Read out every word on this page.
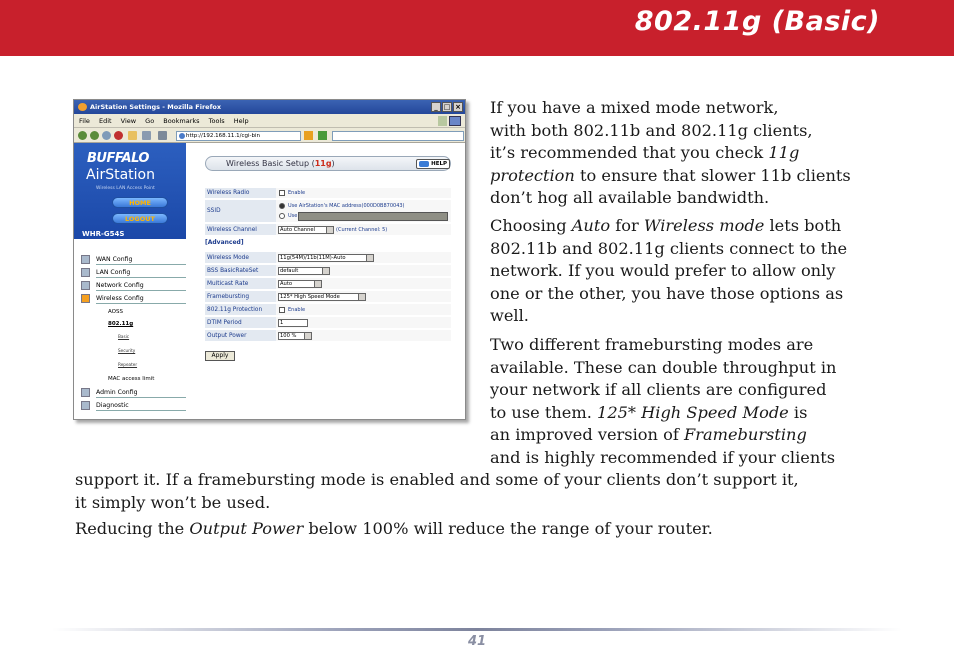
802.11g (Basic)
AirStation Settings - Mozilla Firefox	_ □ ×
File Edit View Go Bookmarks Tools Help
http://192.168.11.1/cgi-bin
BUFFALO
AirStation
Wireless LAN Access Point
HOME
LOGOUT
WHR-G54S
WAN Config
LAN Config
Network Config
Wireless Config
AOSS
802.11g
Basic
Security
Repeater
MAC access limit
Admin Config
Diagnostic
Wireless Basic Setup (11g)	HELP
Wireless Radio	Enable
SSID
Use AirStation's MAC address(000D0B870043)
Use
Wireless Channel	Auto Channel	(Current Channel: 5)
[Advanced]
Wireless Mode	11g(54M)/11b(11M)-Auto
BSS BasicRateSet	default
Multicast Rate	Auto
Framebursting	125* High Speed Mode
802.11g Protection	Enable
DTIM Period	1
Output Power	100 %
Apply
If you have a mixed mode network,
with both 802.11b and 802.11g clients,
it’s recommended that you check 11g
protection to ensure that slower 11b clients
don’t hog all available bandwidth.
Choosing Auto for Wireless mode lets both
802.11b and 802.11g clients connect to the
network. If you would prefer to allow only
one or the other, you have those options as
well.
Two different framebursting modes are
available. These can double throughput in
your network if all clients are configured
to use them. 125* High Speed Mode is
an improved version of Framebursting
and is highly recommended if your clients
support it. If a framebursting mode is enabled and some of your clients don’t support it,
it simply won’t be used.
Reducing the Output Power below 100% will reduce the range of your router.
41
